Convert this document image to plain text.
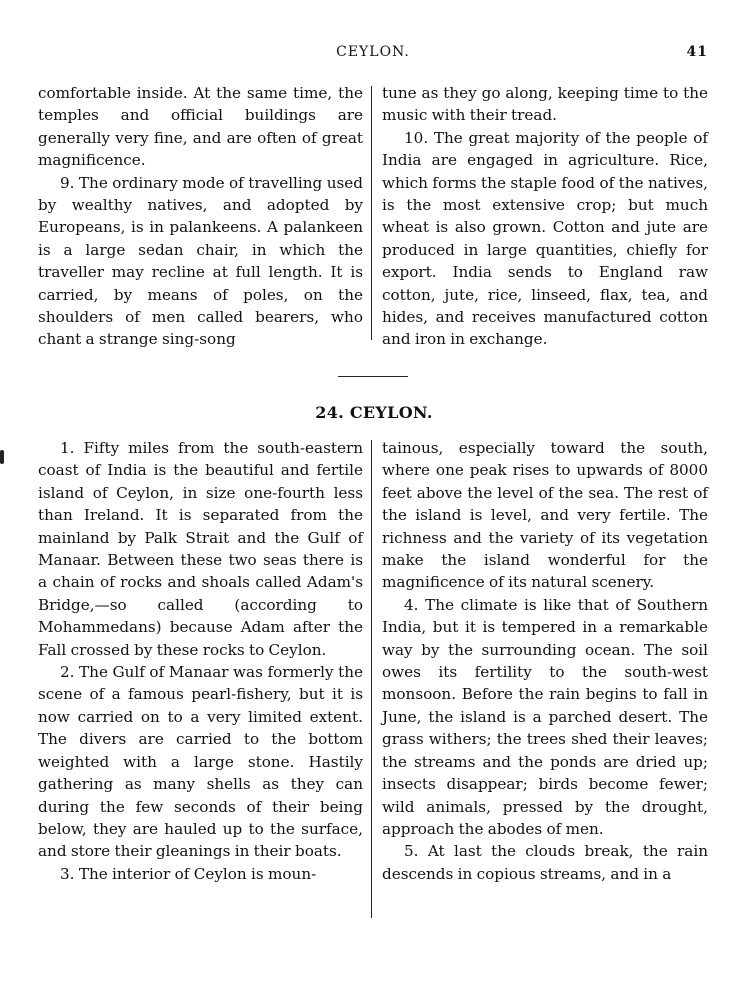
CEYLON.	41

comfortable inside. At the same time, the temples and official buildings are generally very fine, and are often of great magnificence.

9. The ordinary mode of travelling used by wealthy natives, and adopted by Europeans, is in palankeens. A palankeen is a large sedan chair, in which the traveller may recline at full length. It is carried, by means of poles, on the shoulders of men called bearers, who chant a strange sing-song

tune as they go along, keeping time to the music with their tread.

10. The great majority of the people of India are engaged in agriculture. Rice, which forms the staple food of the natives, is the most extensive crop; but much wheat is also grown. Cotton and jute are produced in large quantities, chiefly for export. India sends to England raw cotton, jute, rice, linseed, flax, tea, and hides, and receives manufactured cotton and iron in exchange.

24. CEYLON.

1. Fifty miles from the south-eastern coast of India is the beautiful and fertile island of Ceylon, in size one-fourth less than Ireland. It is separated from the mainland by Palk Strait and the Gulf of Manaar. Between these two seas there is a chain of rocks and shoals called Adam's Bridge,—so called (according to Mohammedans) because Adam after the Fall crossed by these rocks to Ceylon.

2. The Gulf of Manaar was formerly the scene of a famous pearl-fishery, but it is now carried on to a very limited extent. The divers are carried to the bottom weighted with a large stone. Hastily gathering as many shells as they can during the few seconds of their being below, they are hauled up to the surface, and store their gleanings in their boats.

3. The interior of Ceylon is moun-

tainous, especially toward the south, where one peak rises to upwards of 8000 feet above the level of the sea. The rest of the island is level, and very fertile. The richness and the variety of its vegetation make the island wonderful for the magnificence of its natural scenery.

4. The climate is like that of Southern India, but it is tempered in a remarkable way by the surrounding ocean. The soil owes its fertility to the south-west monsoon. Before the rain begins to fall in June, the island is a parched desert. The grass withers; the trees shed their leaves; the streams and the ponds are dried up; insects disappear; birds become fewer; wild animals, pressed by the drought, approach the abodes of men.

5. At last the clouds break, the rain descends in copious streams, and in a
